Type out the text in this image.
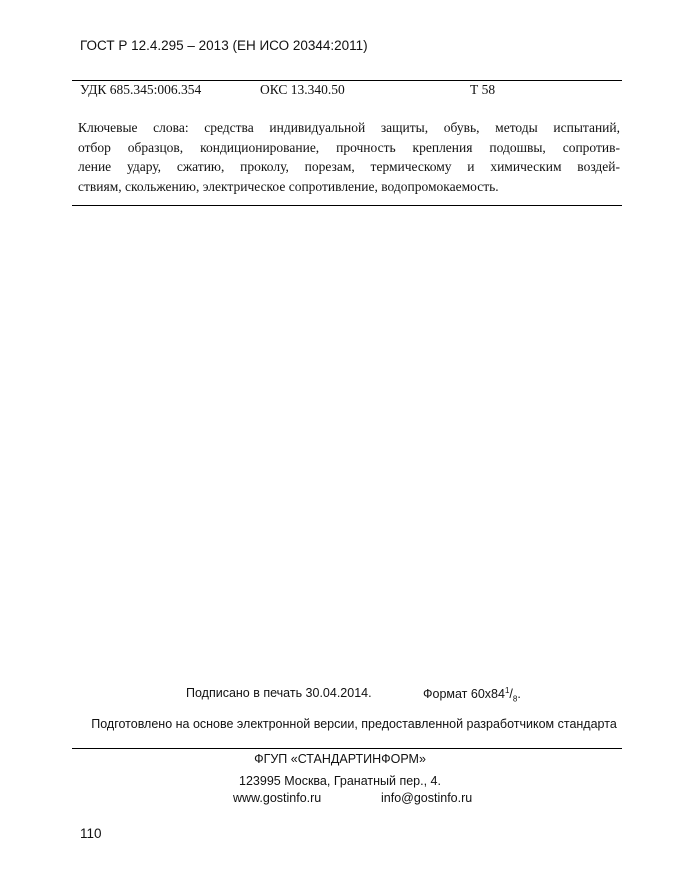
ГОСТ Р 12.4.295 – 2013 (ЕН ИСО 20344:2011)
УДК 685.345:006.354	ОКС 13.340.50	Т 58
Ключевые слова: средства индивидуальной защиты, обувь, методы испытаний,
отбор образцов, кондиционирование, прочность крепления подошвы, сопротив-
ление удару, сжатию, проколу, порезам, термическому и химическим воздей-
ствиям, скольжению, электрическое сопротивление, водопромокаемость.
Подписано в печать 30.04.2014.	Формат $60х84^1/_8$.
Подготовлено на основе электронной версии, предоставленной разработчиком стандарта
ФГУП «СТАНДАРТИНФОРМ»
123995 Москва, Гранатный пер., 4.
www.gostinfo.ru	info@gostinfo.ru
110
